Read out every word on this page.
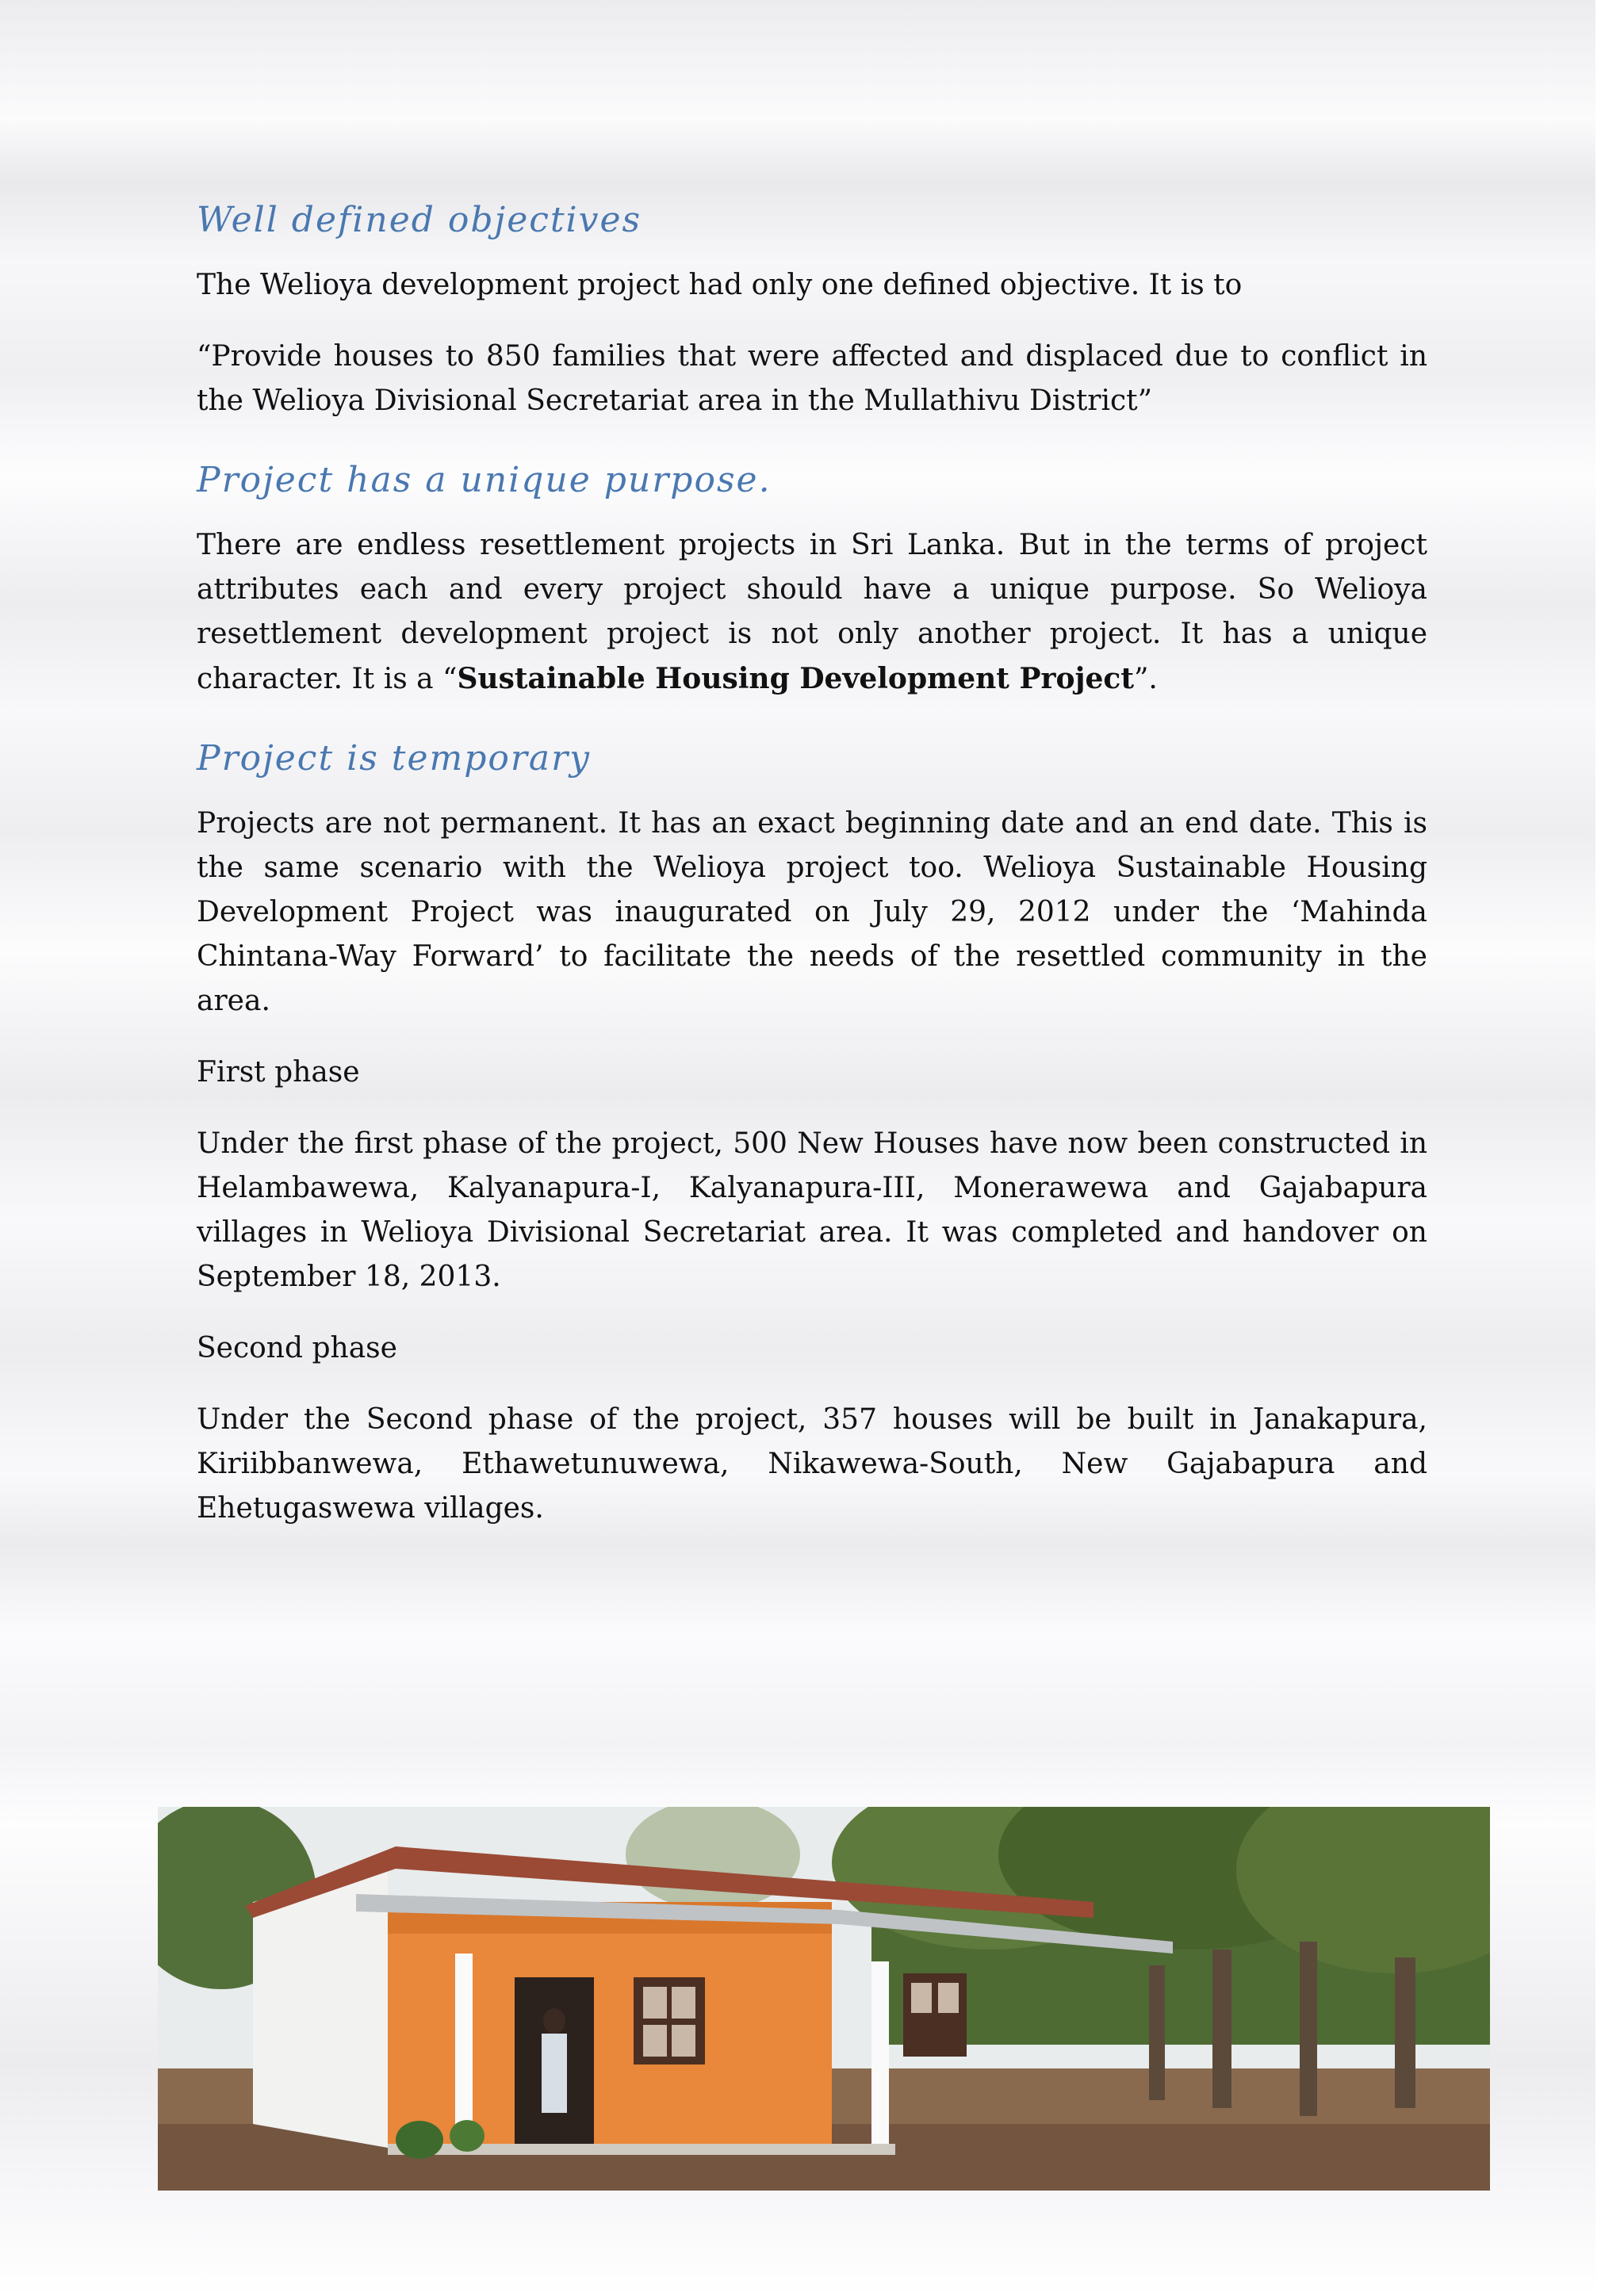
Well defined objectives

The Welioya development project had only one defined objective. It is to

“Provide houses to 850 families that were affected and displaced due to conflict in the Welioya Divisional Secretariat area in the Mullathivu District”

Project has a unique purpose.

There are endless resettlement projects in Sri Lanka. But in the terms of project attributes each and every project should have a unique purpose. So Welioya resettlement development project is not only another project. It has a unique character. It is a “Sustainable Housing Development Project”.

Project is temporary

Projects are not permanent. It has an exact beginning date and an end date. This is the same scenario with the Welioya project too. Welioya Sustainable Housing Development Project was inaugurated on July 29, 2012 under the ‘Mahinda Chintana-Way Forward’ to facilitate the needs of the resettled community in the area.

First phase

Under the first phase of the project, 500 New Houses have now been constructed in Helambawewa, Kalyanapura-I, Kalyanapura-III, Monerawewa and Gajabapura villages in Welioya Divisional Secretariat area. It was completed and handover on September 18, 2013.

Second phase

Under the Second phase of the project, 357 houses will be built in Janakapura, Kiriibbanwewa, Ethawetunuwewa, Nikawewa-South, New Gajabapura and Ehetugaswewa villages.
